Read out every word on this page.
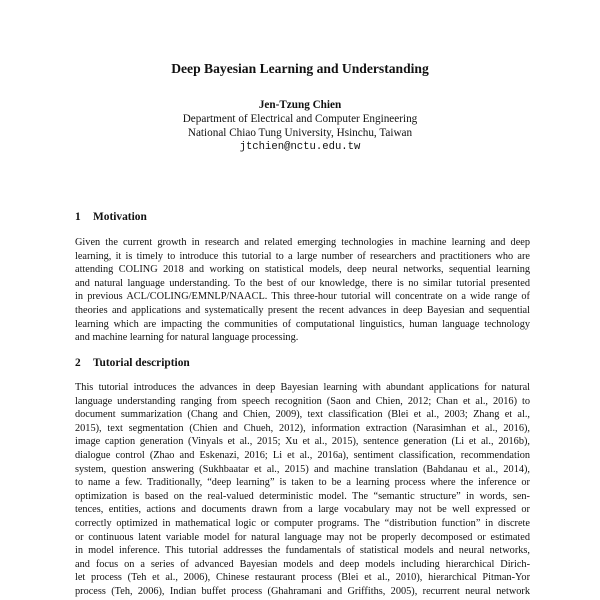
Deep Bayesian Learning and Understanding
Jen-Tzung Chien
Department of Electrical and Computer Engineering
National Chiao Tung University, Hsinchu, Taiwan
jtchien@nctu.edu.tw
1 Motivation
Given the current growth in research and related emerging technologies in machine learning and deep
learning, it is timely to introduce this tutorial to a large number of researchers and practitioners who are
attending COLING 2018 and working on statistical models, deep neural networks, sequential learning
and natural language understanding. To the best of our knowledge, there is no similar tutorial presented
in previous ACL/COLING/EMNLP/NAACL. This three-hour tutorial will concentrate on a wide range of
theories and applications and systematically present the recent advances in deep Bayesian and sequential
learning which are impacting the communities of computational linguistics, human language technology
and machine learning for natural language processing.
2 Tutorial description
This tutorial introduces the advances in deep Bayesian learning with abundant applications for natural
language understanding ranging from speech recognition (Saon and Chien, 2012; Chan et al., 2016) to
document summarization (Chang and Chien, 2009), text classification (Blei et al., 2003; Zhang et al.,
2015), text segmentation (Chien and Chueh, 2012), information extraction (Narasimhan et al., 2016),
image caption generation (Vinyals et al., 2015; Xu et al., 2015), sentence generation (Li et al., 2016b),
dialogue control (Zhao and Eskenazi, 2016; Li et al., 2016a), sentiment classification, recommendation
system, question answering (Sukhbaatar et al., 2015) and machine translation (Bahdanau et al., 2014),
to name a few. Traditionally, “deep learning” is taken to be a learning process where the inference or
optimization is based on the real-valued deterministic model. The “semantic structure” in words, sen-
tences, entities, actions and documents drawn from a large vocabulary may not be well expressed or
correctly optimized in mathematical logic or computer programs. The “distribution function” in discrete
or continuous latent variable model for natural language may not be properly decomposed or estimated
in model inference. This tutorial addresses the fundamentals of statistical models and neural networks,
and focus on a series of advanced Bayesian models and deep models including hierarchical Dirich-
let process (Teh et al., 2006), Chinese restaurant process (Blei et al., 2010), hierarchical Pitman-Yor
process (Teh, 2006), Indian buffet process (Ghahramani and Griffiths, 2005), recurrent neural network
